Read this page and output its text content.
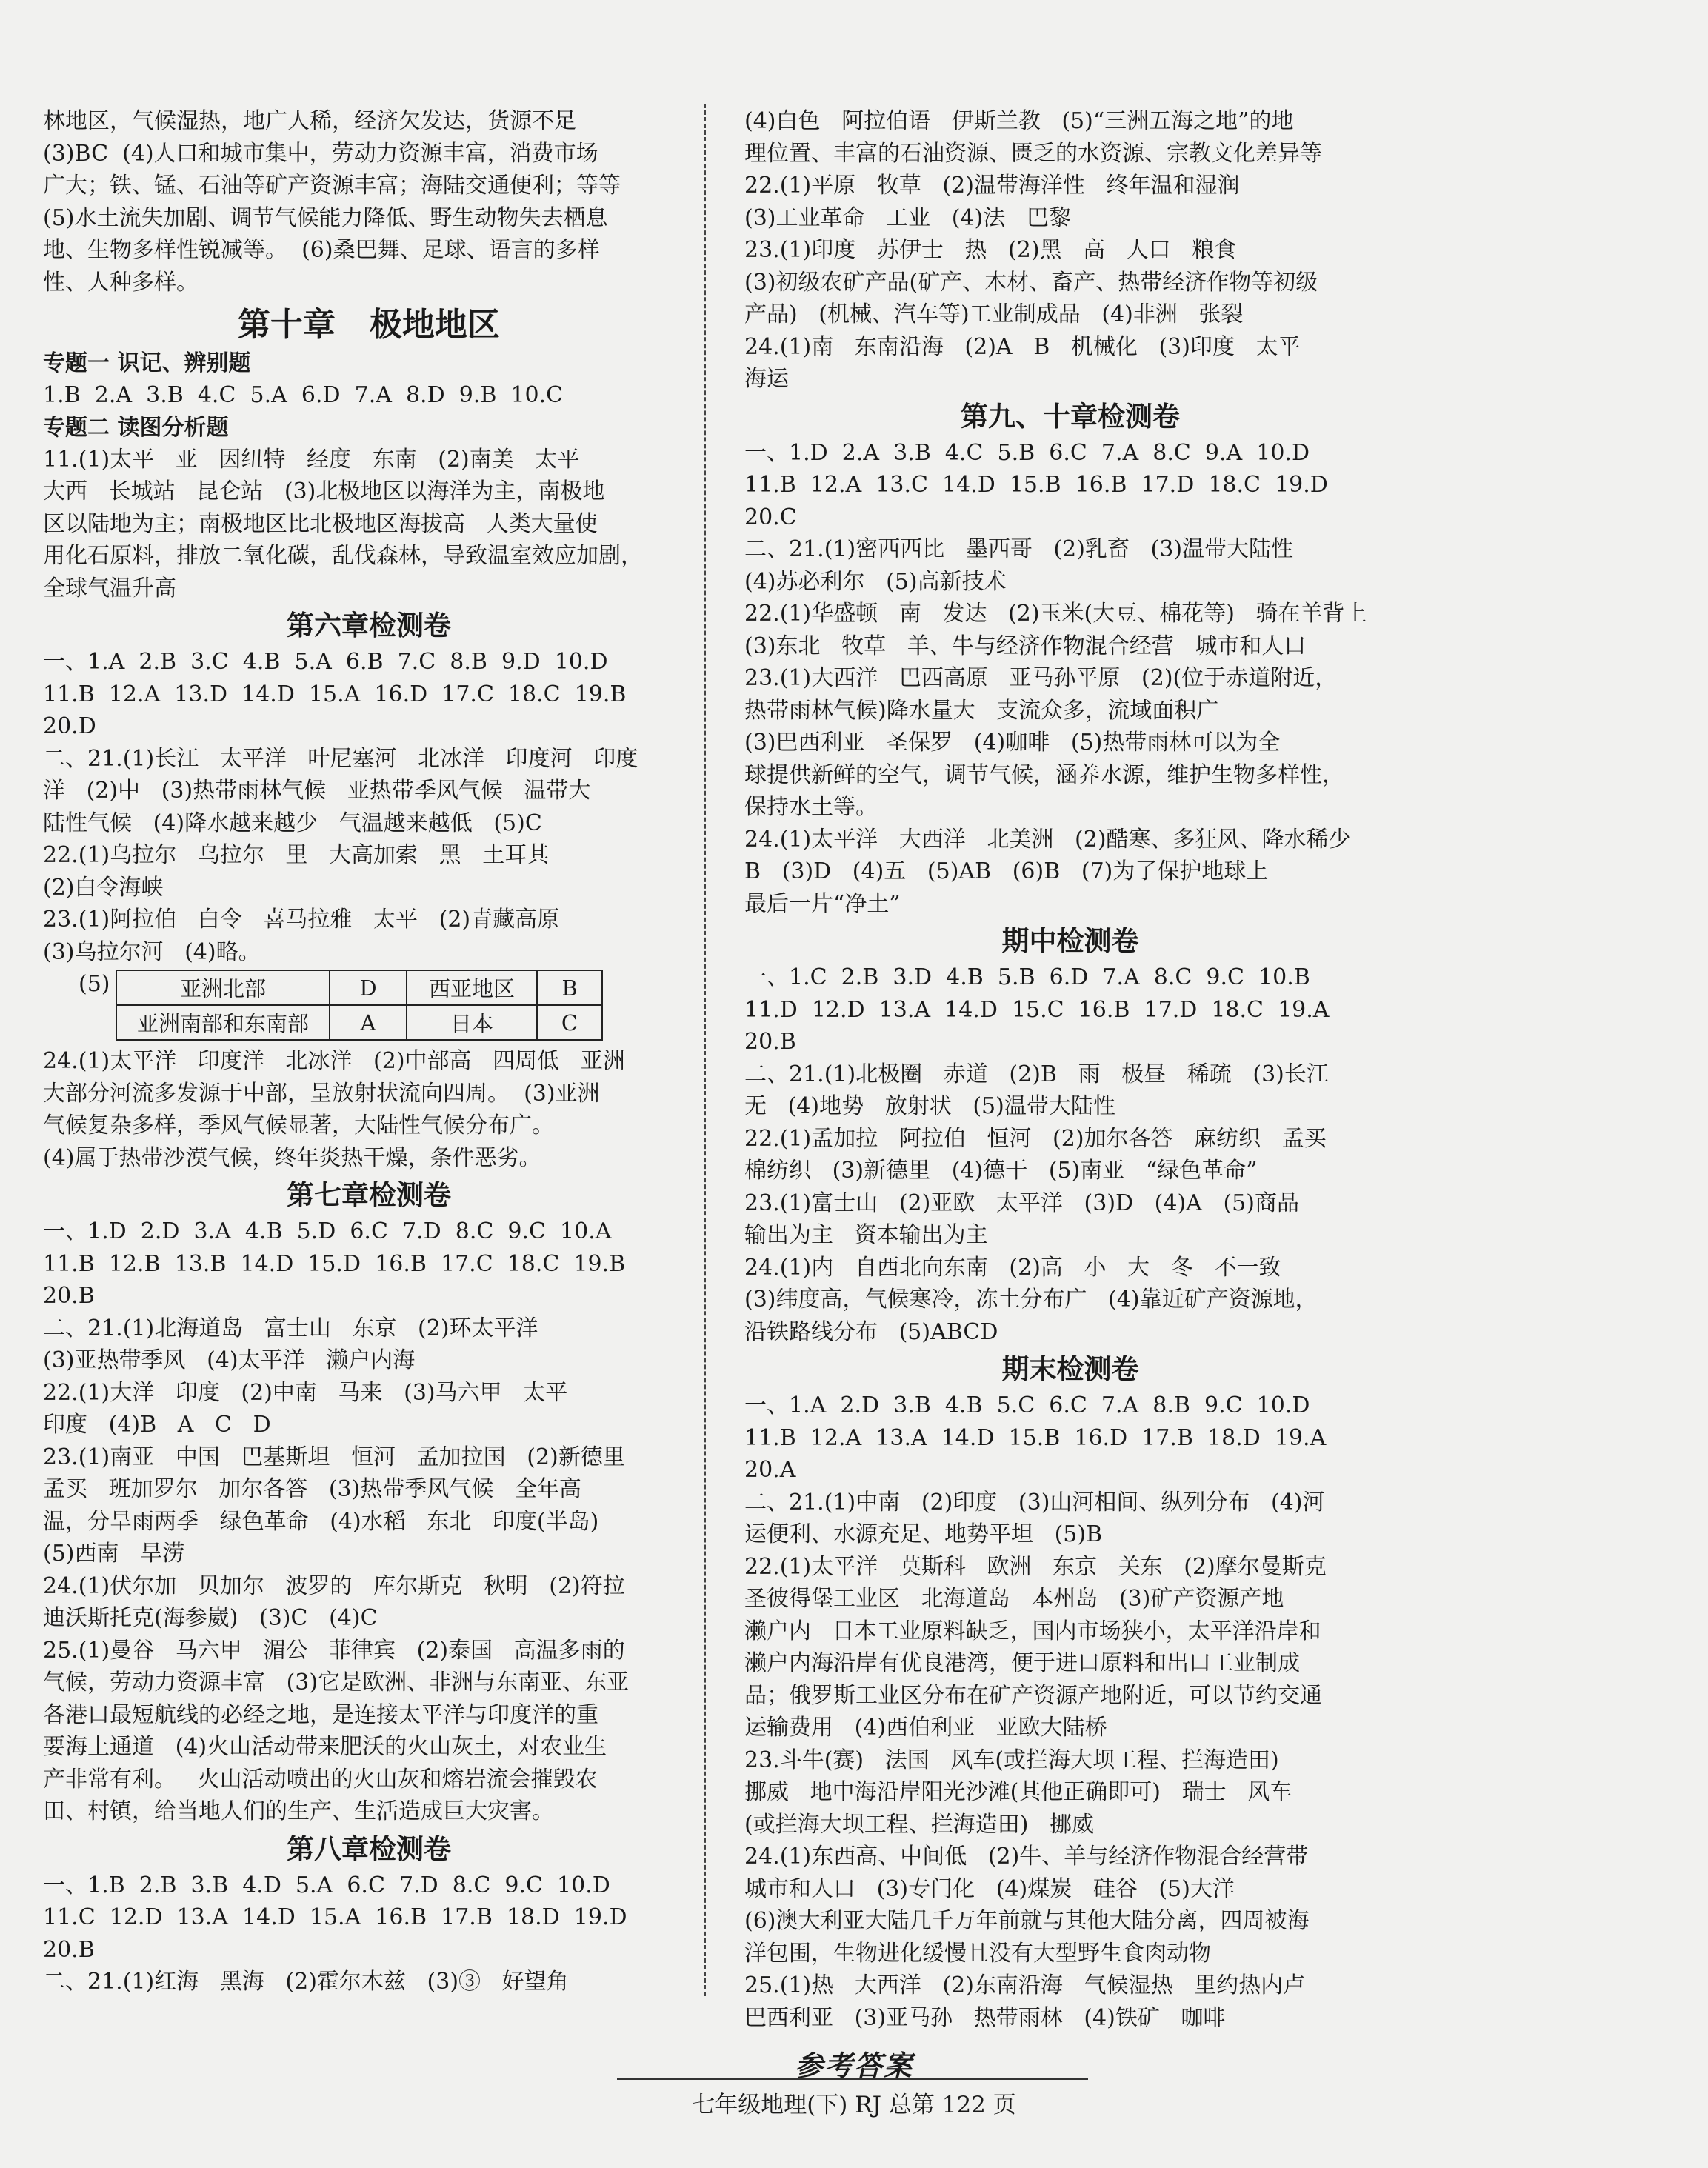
林地区，气候湿热，地广人稀，经济欠发达，货源不足
(3)BC  (4)人口和城市集中，劳动力资源丰富，消费市场
广大；铁、锰、石油等矿产资源丰富；海陆交通便利；等等
(5)水土流失加剧、调节气候能力降低、野生动物失去栖息
地、生物多样性锐减等。  (6)桑巴舞、足球、语言的多样
性、人种多样。
第十章   极地地区
专题一 识记、辨别题
1.B  2.A  3.B  4.C  5.A  6.D  7.A  8.D  9.B  10.C
专题二 读图分析题
11.(1)太平   亚   因纽特   经度   东南   (2)南美   太平
大西   长城站   昆仑站   (3)北极地区以海洋为主，南极地
区以陆地为主；南极地区比北极地区海拔高   人类大量使
用化石原料，排放二氧化碳，乱伐森林，导致温室效应加剧，
全球气温升高
第六章检测卷
一、1.A  2.B  3.C  4.B  5.A  6.B  7.C  8.B  9.D  10.D
11.B  12.A  13.D  14.D  15.A  16.D  17.C  18.C  19.B
20.D
二、21.(1)长江   太平洋   叶尼塞河   北冰洋   印度河   印度
洋   (2)中   (3)热带雨林气候   亚热带季风气候   温带大
陆性气候   (4)降水越来越少   气温越来越低   (5)C
22.(1)乌拉尔   乌拉尔   里   大高加索   黑   土耳其
(2)白令海峡
23.(1)阿拉伯   白令   喜马拉雅   太平   (2)青藏高原
(3)乌拉尔河   (4)略。
(5)	亚洲北部	D	西亚地区	B
亚洲南部和东南部	A	日本	C
24.(1)太平洋   印度洋   北冰洋   (2)中部高   四周低   亚洲
大部分河流多发源于中部，呈放射状流向四周。  (3)亚洲
气候复杂多样，季风气候显著，大陆性气候分布广。
(4)属于热带沙漠气候，终年炎热干燥，条件恶劣。
第七章检测卷
一、1.D  2.D  3.A  4.B  5.D  6.C  7.D  8.C  9.C  10.A
11.B  12.B  13.B  14.D  15.D  16.B  17.C  18.C  19.B
20.B
二、21.(1)北海道岛   富士山   东京   (2)环太平洋
(3)亚热带季风   (4)太平洋   濑户内海
22.(1)大洋   印度   (2)中南   马来   (3)马六甲   太平
印度   (4)B   A   C   D
23.(1)南亚   中国   巴基斯坦   恒河   孟加拉国   (2)新德里
孟买   班加罗尔   加尔各答   (3)热带季风气候   全年高
温，分旱雨两季   绿色革命   (4)水稻   东北   印度(半岛)
(5)西南   旱涝
24.(1)伏尔加   贝加尔   波罗的   库尔斯克   秋明   (2)符拉
迪沃斯托克(海参崴)   (3)C   (4)C
25.(1)曼谷   马六甲   湄公   菲律宾   (2)泰国   高温多雨的
气候，劳动力资源丰富   (3)它是欧洲、非洲与东南亚、东亚
各港口最短航线的必经之地，是连接太平洋与印度洋的重
要海上通道   (4)火山活动带来肥沃的火山灰土，对农业生
产非常有利。   火山活动喷出的火山灰和熔岩流会摧毁农
田、村镇，给当地人们的生产、生活造成巨大灾害。
第八章检测卷
一、1.B  2.B  3.B  4.D  5.A  6.C  7.D  8.C  9.C  10.D
11.C  12.D  13.A  14.D  15.A  16.B  17.B  18.D  19.D
20.B
二、21.(1)红海   黑海   (2)霍尔木兹   (3)③   好望角
(4)白色   阿拉伯语   伊斯兰教   (5)“三洲五海之地”的地
理位置、丰富的石油资源、匮乏的水资源、宗教文化差异等
22.(1)平原   牧草   (2)温带海洋性   终年温和湿润
(3)工业革命   工业   (4)法   巴黎
23.(1)印度   苏伊士   热   (2)黑   高   人口   粮食
(3)初级农矿产品(矿产、木材、畜产、热带经济作物等初级
产品)   (机械、汽车等)工业制成品   (4)非洲   张裂
24.(1)南   东南沿海   (2)A   B   机械化   (3)印度   太平
海运
第九、十章检测卷
一、1.D  2.A  3.B  4.C  5.B  6.C  7.A  8.C  9.A  10.D
11.B  12.A  13.C  14.D  15.B  16.B  17.D  18.C  19.D
20.C
二、21.(1)密西西比   墨西哥   (2)乳畜   (3)温带大陆性
(4)苏必利尔   (5)高新技术
22.(1)华盛顿   南   发达   (2)玉米(大豆、棉花等)   骑在羊背上
(3)东北   牧草   羊、牛与经济作物混合经营   城市和人口
23.(1)大西洋   巴西高原   亚马孙平原   (2)(位于赤道附近，
热带雨林气候)降水量大   支流众多，流域面积广
(3)巴西利亚   圣保罗   (4)咖啡   (5)热带雨林可以为全
球提供新鲜的空气，调节气候，涵养水源，维护生物多样性，
保持水土等。
24.(1)太平洋   大西洋   北美洲   (2)酷寒、多狂风、降水稀少
B   (3)D   (4)五   (5)AB   (6)B   (7)为了保护地球上
最后一片“净土”
期中检测卷
一、1.C  2.B  3.D  4.B  5.B  6.D  7.A  8.C  9.C  10.B
11.D  12.D  13.A  14.D  15.C  16.B  17.D  18.C  19.A
20.B
二、21.(1)北极圈   赤道   (2)B   雨   极昼   稀疏   (3)长江
无   (4)地势   放射状   (5)温带大陆性
22.(1)孟加拉   阿拉伯   恒河   (2)加尔各答   麻纺织   孟买
棉纺织   (3)新德里   (4)德干   (5)南亚   “绿色革命”
23.(1)富士山   (2)亚欧   太平洋   (3)D   (4)A   (5)商品
输出为主   资本输出为主
24.(1)内   自西北向东南   (2)高   小   大   冬   不一致
(3)纬度高，气候寒冷，冻土分布广   (4)靠近矿产资源地，
沿铁路线分布   (5)ABCD
期末检测卷
一、1.A  2.D  3.B  4.B  5.C  6.C  7.A  8.B  9.C  10.D
11.B  12.A  13.A  14.D  15.B  16.D  17.B  18.D  19.A
20.A
二、21.(1)中南   (2)印度   (3)山河相间、纵列分布   (4)河
运便利、水源充足、地势平坦   (5)B
22.(1)太平洋   莫斯科   欧洲   东京   关东   (2)摩尔曼斯克
圣彼得堡工业区   北海道岛   本州岛   (3)矿产资源产地
濑户内   日本工业原料缺乏，国内市场狭小，太平洋沿岸和
濑户内海沿岸有优良港湾，便于进口原料和出口工业制成
品；俄罗斯工业区分布在矿产资源产地附近，可以节约交通
运输费用   (4)西伯利亚   亚欧大陆桥
23.斗牛(赛)   法国   风车(或拦海大坝工程、拦海造田)
挪威   地中海沿岸阳光沙滩(其他正确即可)   瑞士   风车
(或拦海大坝工程、拦海造田)   挪威
24.(1)东西高、中间低   (2)牛、羊与经济作物混合经营带
城市和人口   (3)专门化   (4)煤炭   硅谷   (5)大洋
(6)澳大利亚大陆几千万年前就与其他大陆分离，四周被海
洋包围，生物进化缓慢且没有大型野生食肉动物
25.(1)热   大西洋   (2)东南沿海   气候湿热   里约热内卢
巴西利亚   (3)亚马孙   热带雨林   (4)铁矿   咖啡
参考答案
七年级地理(下) RJ 总第 122 页
